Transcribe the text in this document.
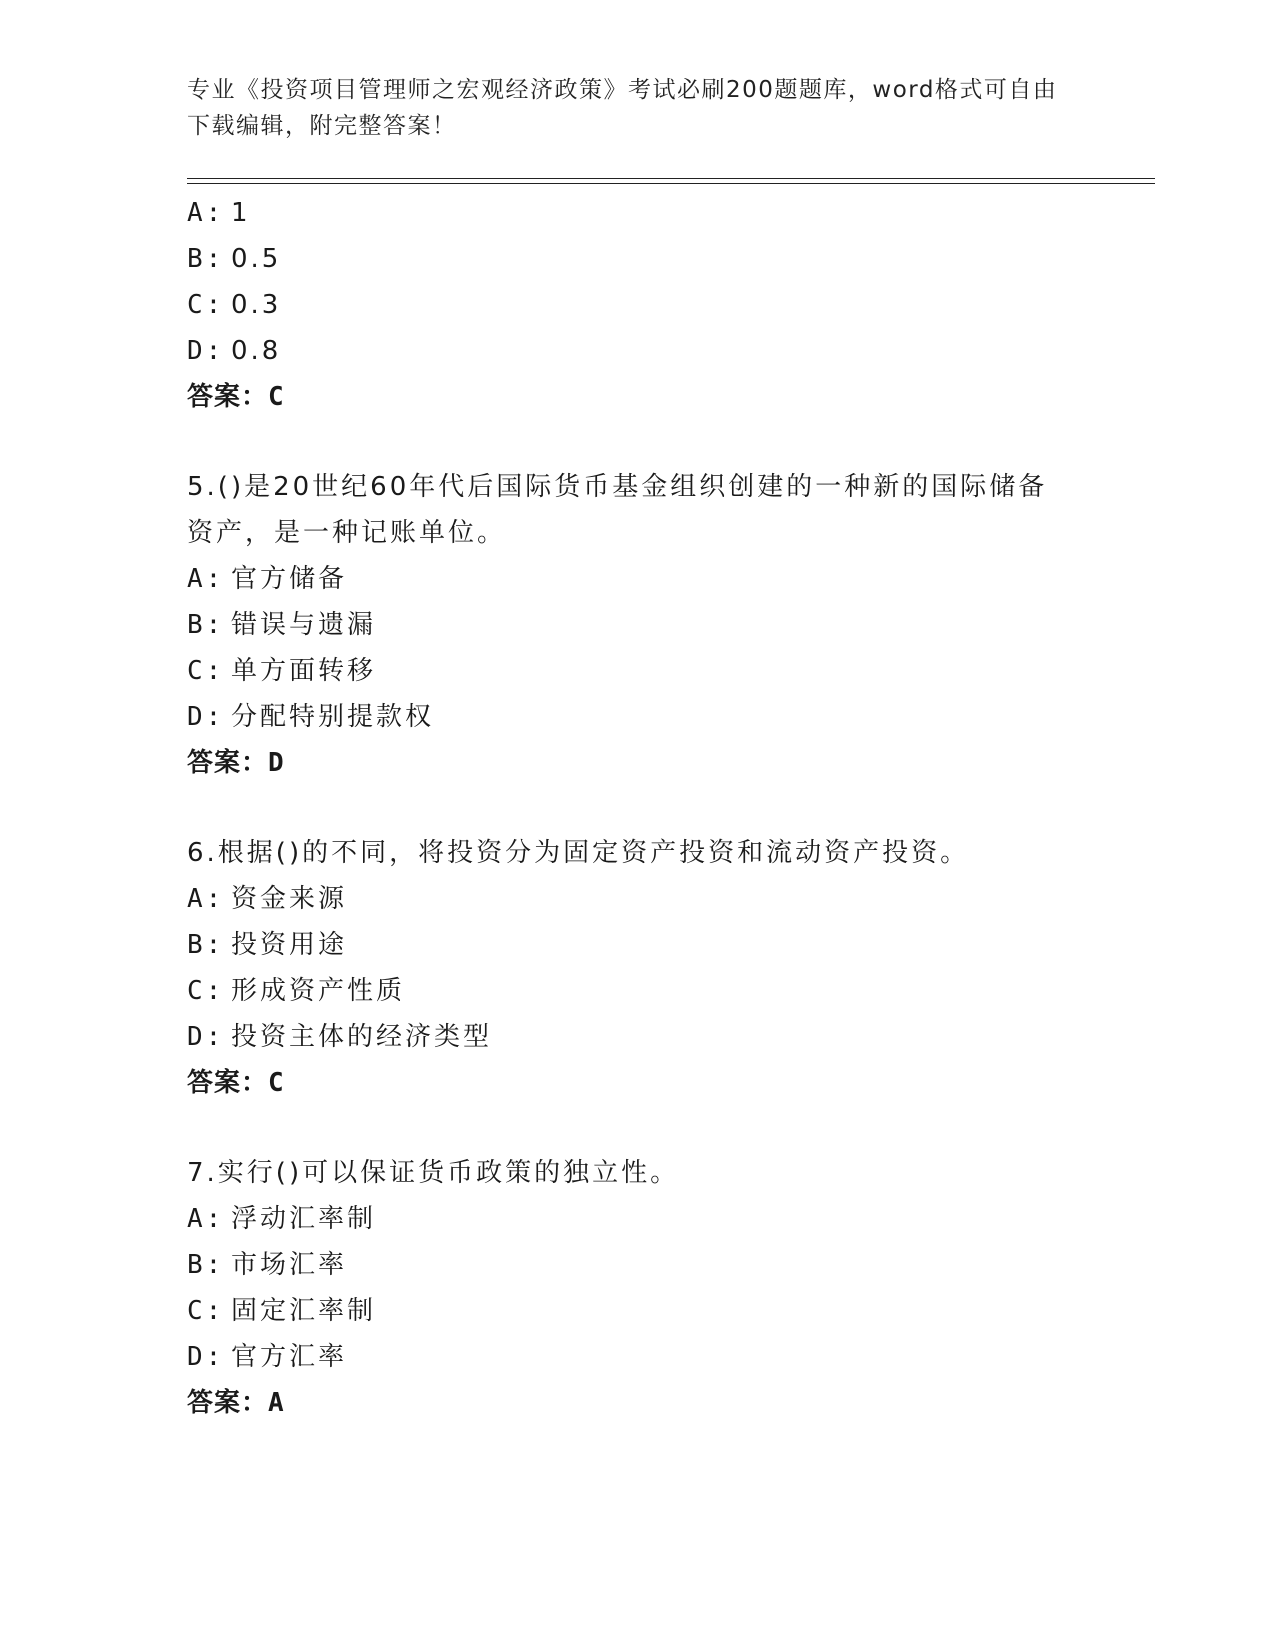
专业《投资项目管理师之宏观经济政策》考试必刷200题题库，word格式可自由
下载编辑，附完整答案！
A: 1
B: 0.5
C: 0.3
D: 0.8
答案：C
5.()是20世纪60年代后国际货币基金组织创建的一种新的国际储备
资产，是一种记账单位。
A: 官方储备
B: 错误与遗漏
C: 单方面转移
D: 分配特别提款权
答案：D
6.根据()的不同，将投资分为固定资产投资和流动资产投资。
A: 资金来源
B: 投资用途
C: 形成资产性质
D: 投资主体的经济类型
答案：C
7.实行()可以保证货币政策的独立性。
A: 浮动汇率制
B: 市场汇率
C: 固定汇率制
D: 官方汇率
答案：A
